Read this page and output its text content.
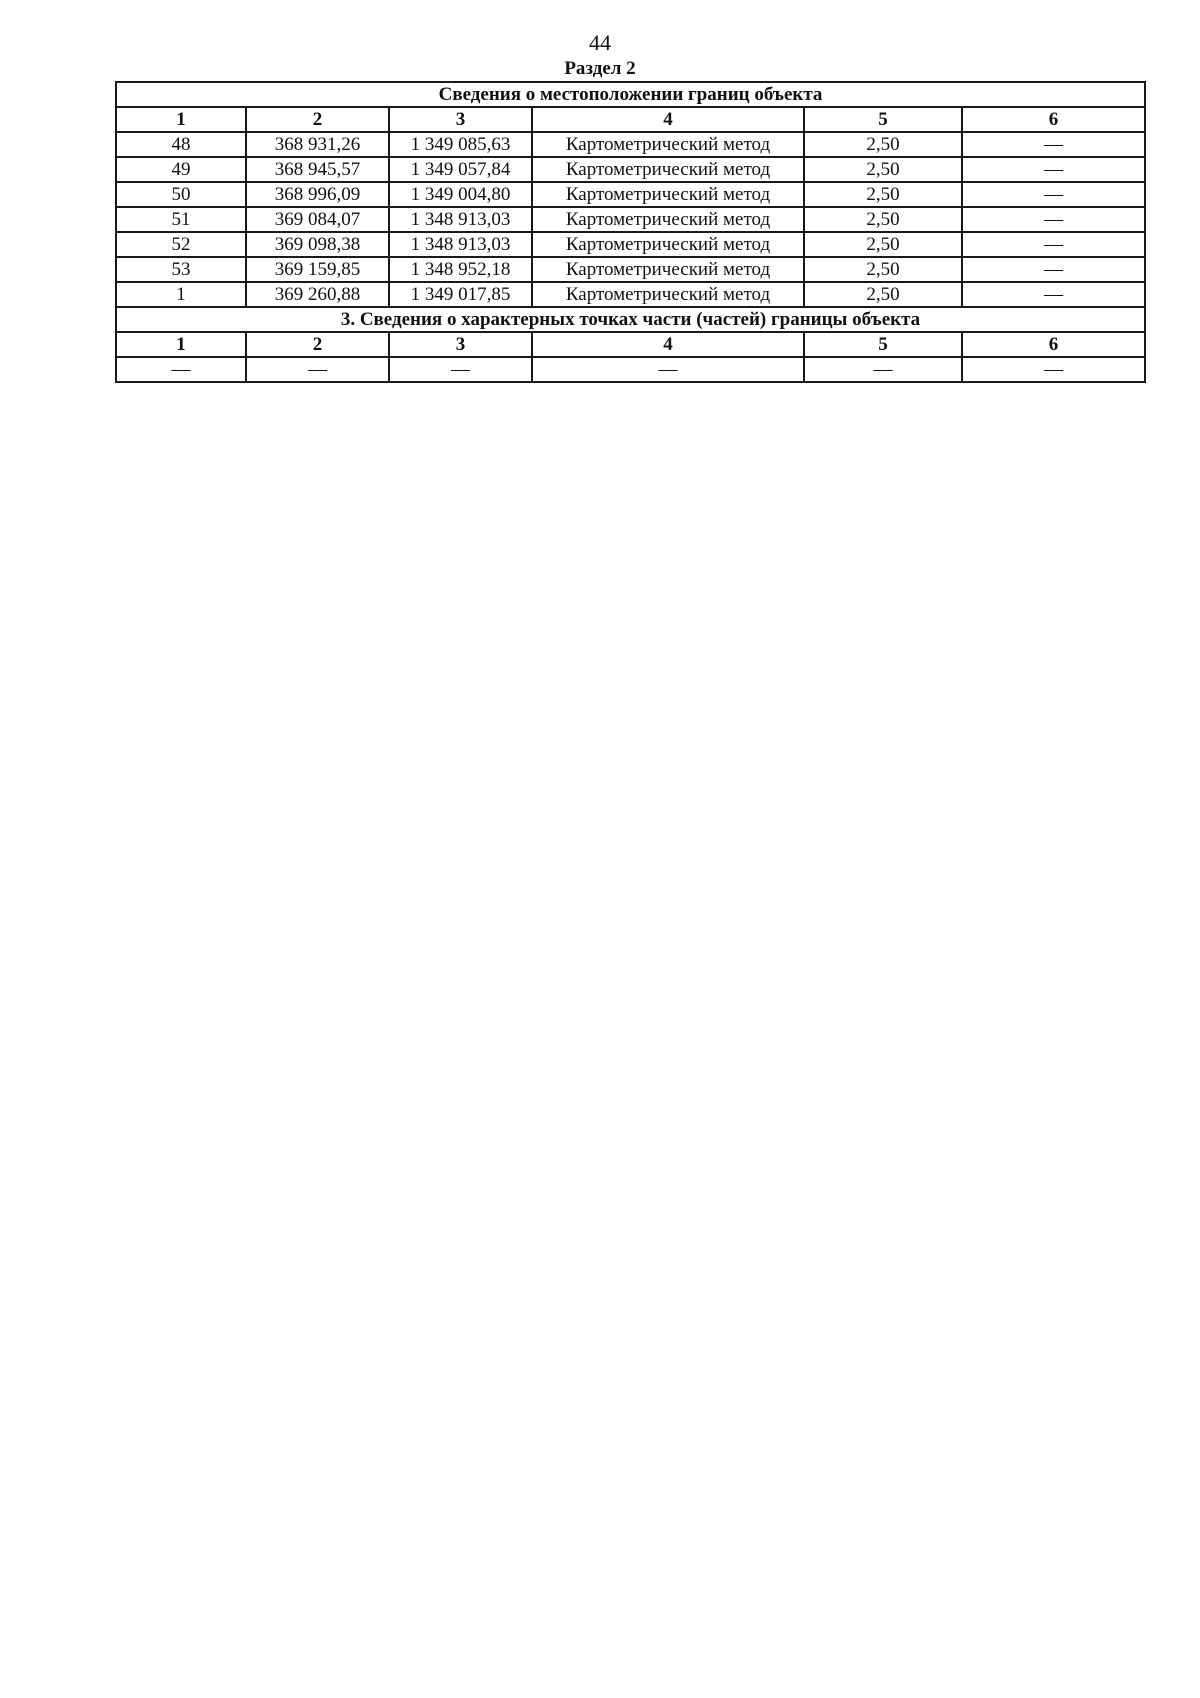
44
Раздел 2
Сведения о местоположении границ объекта					
1	2	3	4	5	6
48	368 931,26	1 349 085,63	Картометрический метод	2,50	—
49	368 945,57	1 349 057,84	Картометрический метод	2,50	—
50	368 996,09	1 349 004,80	Картометрический метод	2,50	—
51	369 084,07	1 348 913,03	Картометрический метод	2,50	—
52	369 098,38	1 348 913,03	Картометрический метод	2,50	—
53	369 159,85	1 348 952,18	Картометрический метод	2,50	—
1	369 260,88	1 349 017,85	Картометрический метод	2,50	—
3. Сведения о характерных точках части (частей) границы объекта					
1	2	3	4	5	6
—	—	—	—	—	—
